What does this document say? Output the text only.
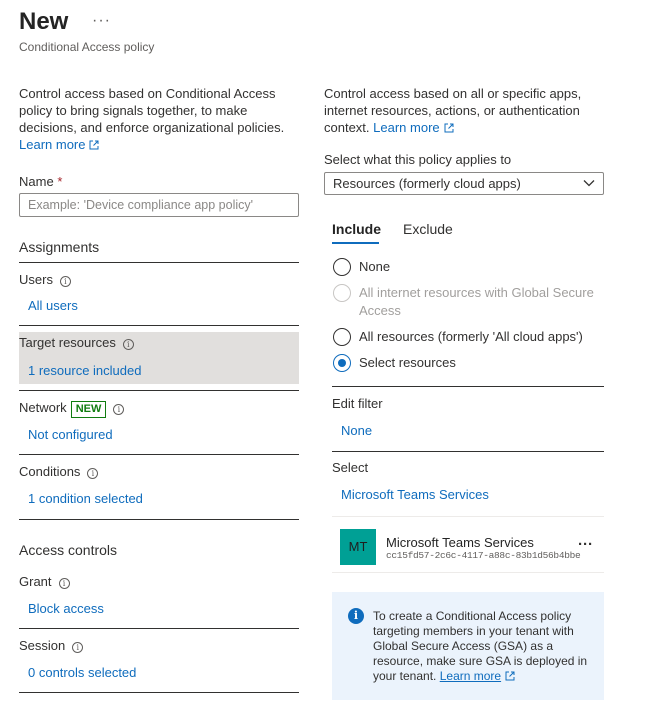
New ···
Conditional Access policy
Control access based on Conditional Access policy to bring signals together, to make decisions, and enforce organizational policies.
Learn more
Name *
Example: 'Device compliance app policy'
Assignments
Users i
All users
Target resources i
1 resource included
Network NEW i
Not configured
Conditions i
1 condition selected
Access controls
Grant i
Block access
Session i
0 controls selected
Control access based on all or specific apps, internet resources, actions, or authentication context. Learn more
Select what this policy applies to
Resources (formerly cloud apps)
Include Exclude
None
All internet resources with Global Secure Access
All resources (formerly 'All cloud apps')
Select resources
Edit filter
None
Select
Microsoft Teams Services
MT	Microsoft Teams Services
cc15fd57-2c6c-4117-a88c-83b1d56b4bbe
···
i	To create a Conditional Access policy targeting members in your tenant with Global Secure Access (GSA) as a resource, make sure GSA is deployed in your tenant. Learn more
